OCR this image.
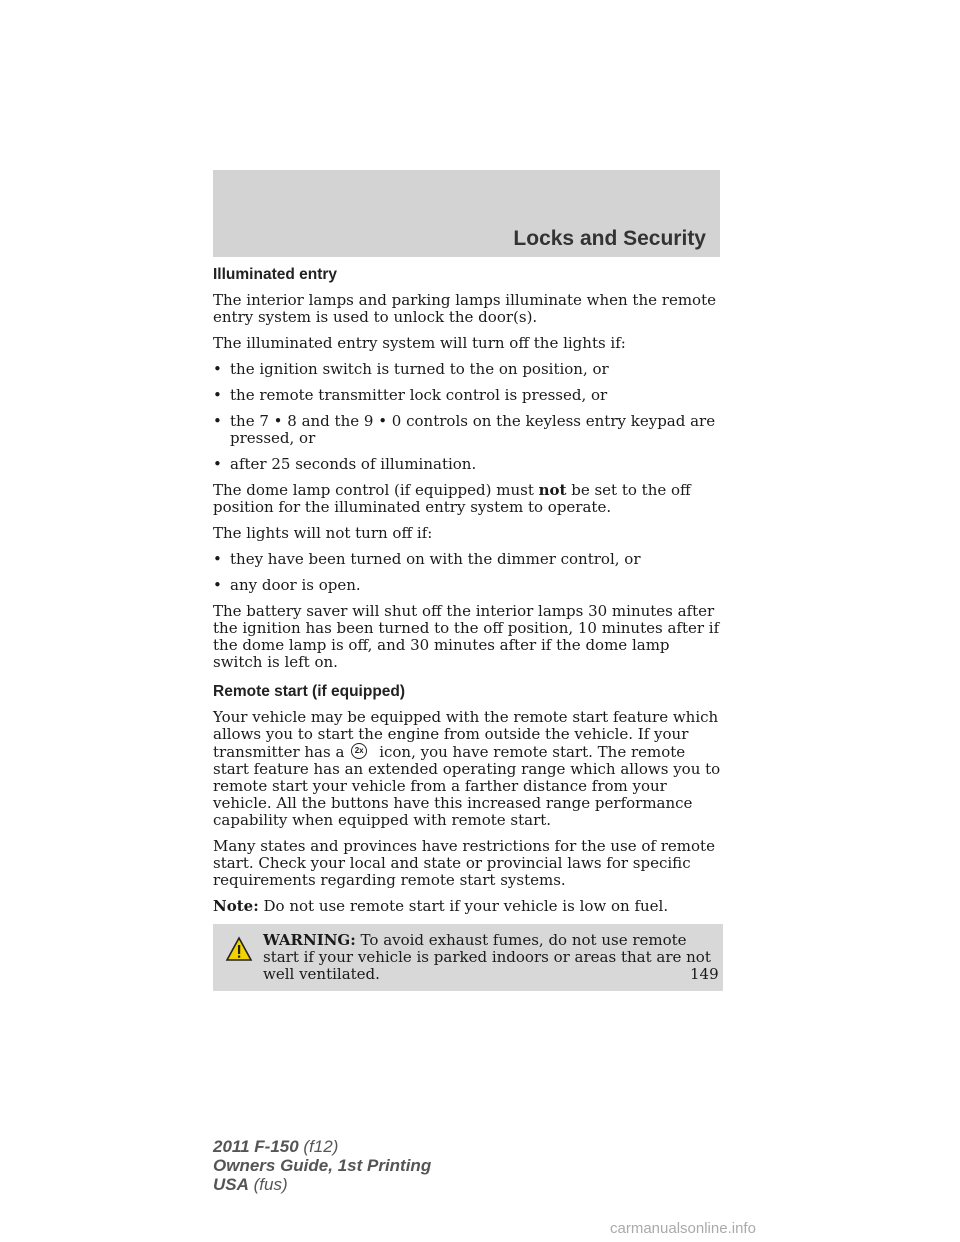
Locks and Security
Illuminated entry

The interior lamps and parking lamps illuminate when the remote entry system is used to unlock the door(s).

The illuminated entry system will turn off the lights if:

• the ignition switch is turned to the on position, or
• the remote transmitter lock control is pressed, or
• the 7 • 8 and the 9 • 0 controls on the keyless entry keypad are pressed, or
• after 25 seconds of illumination.

The dome lamp control (if equipped) must not be set to the off position for the illuminated entry system to operate.

The lights will not turn off if:

• they have been turned on with the dimmer control, or
• any door is open.

The battery saver will shut off the interior lamps 30 minutes after the ignition has been turned to the off position, 10 minutes after if the dome lamp is off, and 30 minutes after if the dome lamp switch is left on.

Remote start (if equipped)

Your vehicle may be equipped with the remote start feature which allows you to start the engine from outside the vehicle. If your transmitter has a 2x icon, you have remote start. The remote start feature has an extended operating range which allows you to remote start your vehicle from a farther distance from your vehicle. All the buttons have this increased range performance capability when equipped with remote start.

Many states and provinces have restrictions for the use of remote start. Check your local and state or provincial laws for specific requirements regarding remote start systems.

Note: Do not use remote start if your vehicle is low on fuel.

WARNING: To avoid exhaust fumes, do not use remote start if your vehicle is parked indoors or areas that are not well ventilated.	149
2011 F-150 (f12)
Owners Guide, 1st Printing
USA (fus)
carmanualsonline.info
